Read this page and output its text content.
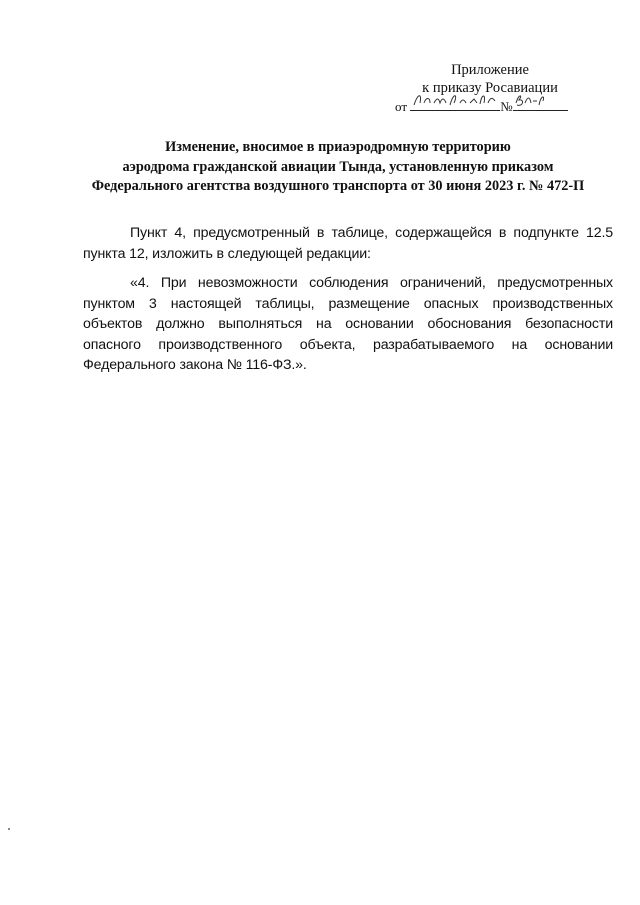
Приложение
к приказу Росавиации
от	№
Изменение, вносимое в приаэродромную территорию
аэродрома гражданской авиации Тында, установленную приказом
Федерального агентства воздушного транспорта от 30 июня 2023 г. № 472-П
Пункт 4, предусмотренный в таблице, содержащейся в подпункте 12.5 пункта 12, изложить в следующей редакции:
«4. При невозможности соблюдения ограничений, предусмотренных пунктом 3 настоящей таблицы, размещение опасных производственных объектов должно выполняться на основании обоснования безопасности опасного производственного объекта, разрабатываемого на основании Федерального закона № 116-ФЗ.».
